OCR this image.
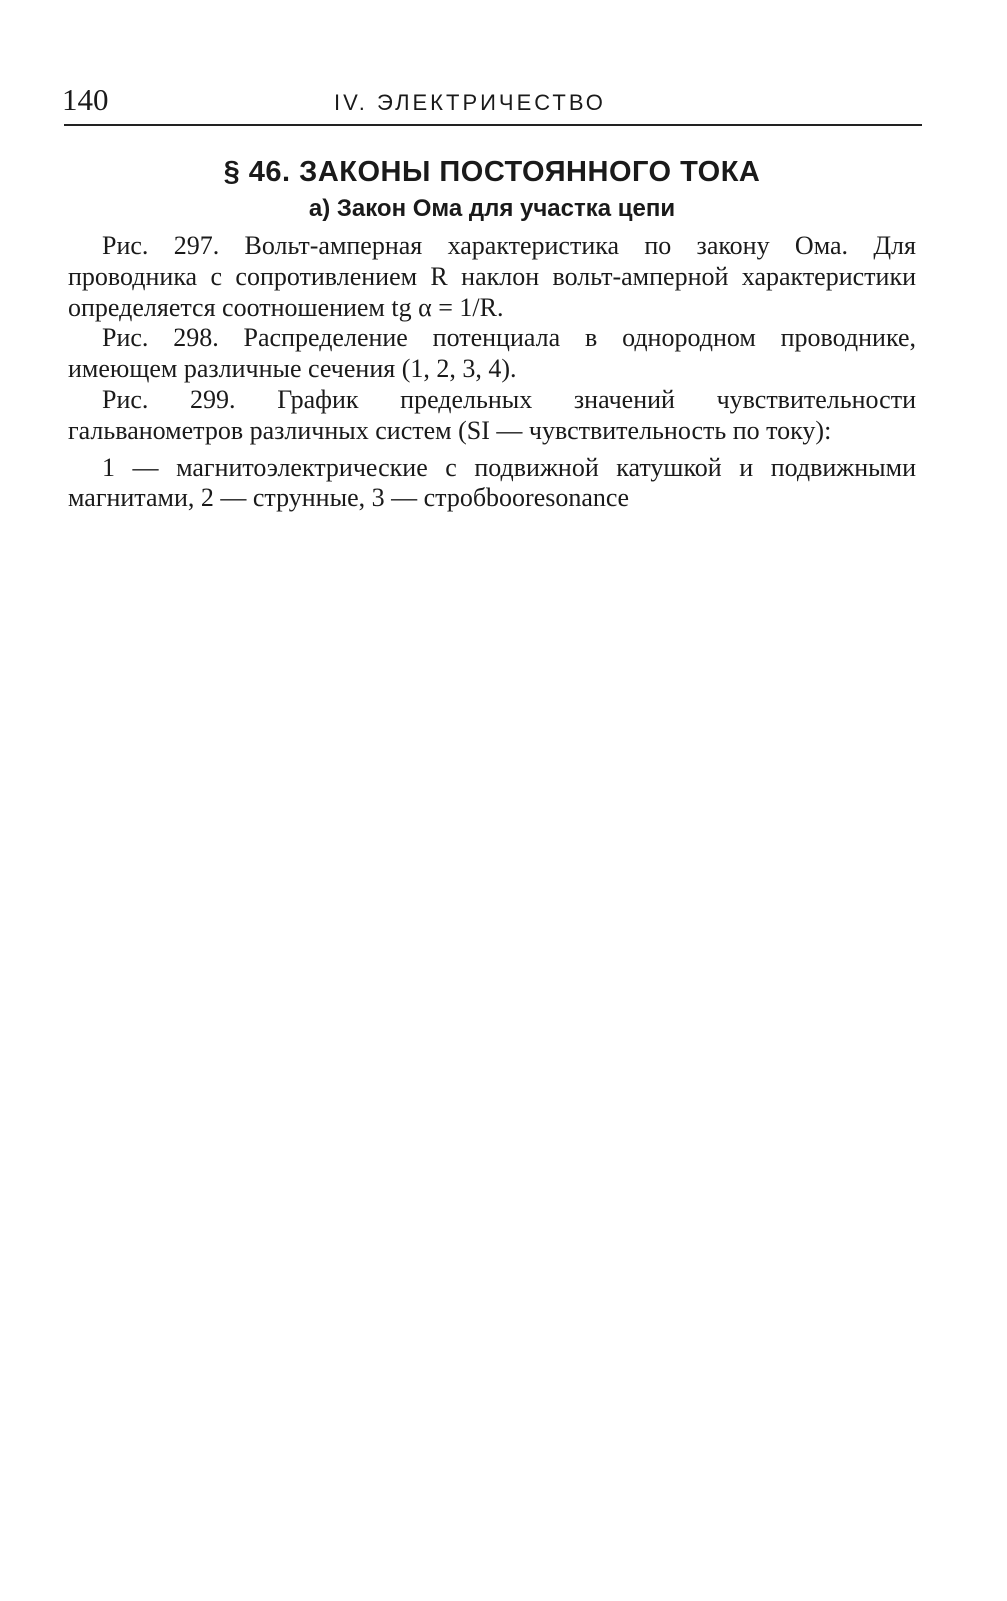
140	IV. ЭЛЕКТРИЧЕСТВО
§ 46. ЗАКОНЫ ПОСТОЯННОГО ТОКА
а) Закон Ома для участка цепи

Рис. 297. Вольт-амперная характеристика по закону Ома. Для проводника с сопротивлением R наклон вольт-амперной характеристики определяется соотношением tg α = 1/R.

Рис. 298. Распределение потенциала в однородном проводнике, имеющем различные сечения (1, 2, 3, 4).

Рис. 299. График предельных значений чувствительности гальванометров различных систем (SI — чувствительность по току):

1 — магнитоэлектрические с подвижной катушкой и подвижными магнитами, 2 — струнные, 3 — стробbooresonance
